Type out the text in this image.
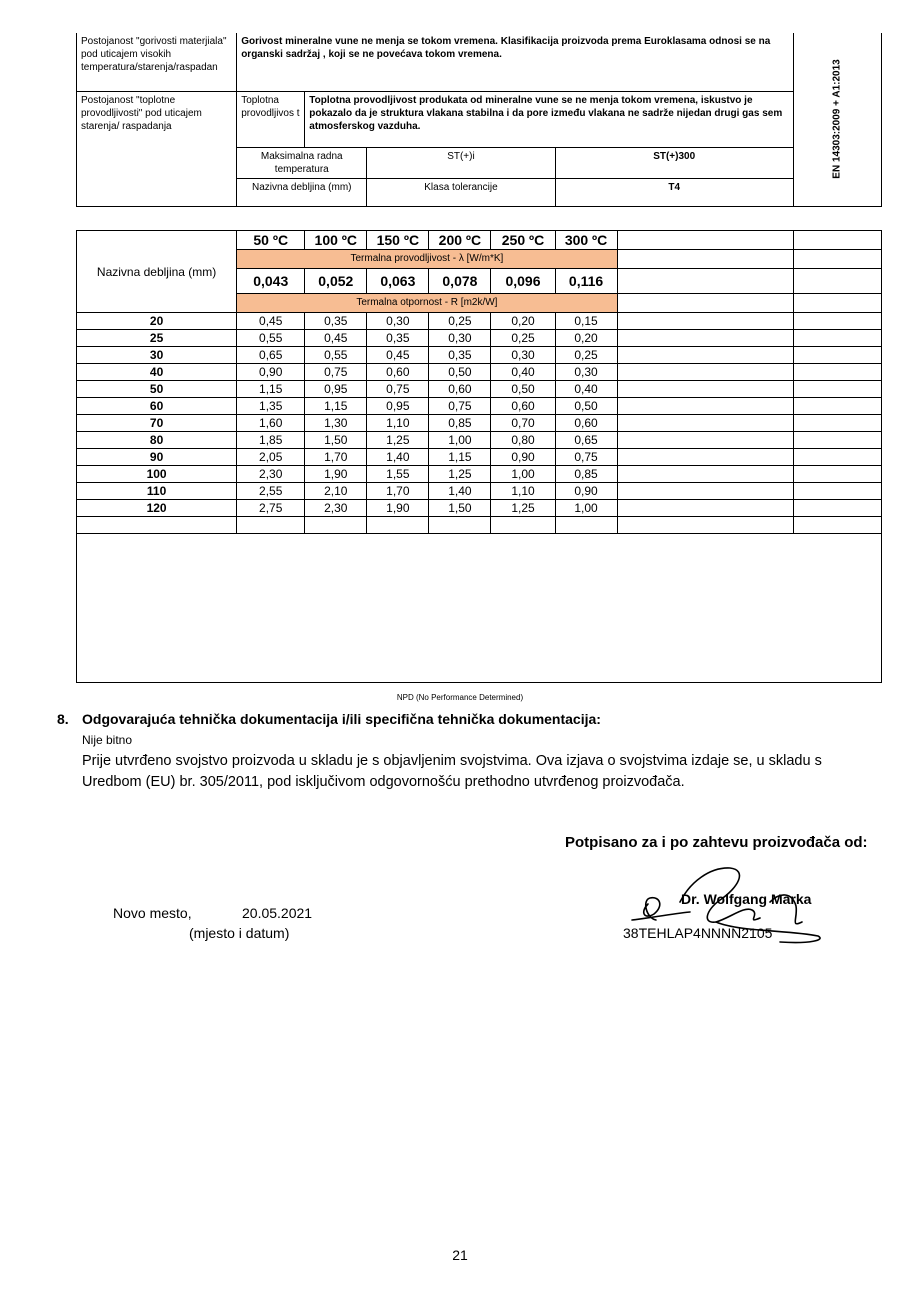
Postojanost "gorivosti materjiala" pod uticajem visokih temperatura/starenja/raspadan	Gorivost mineralne vune ne menja se tokom vremena. Klasifikacija proizvoda prema Euroklasama odnosi se na organski sadržaj , koji se ne povećava tokom vremena.				EN 14303:2009 + A1:2013

Postojanost "toplotne provodljivosti" pod uticajem starenja/ raspadanja	Toplotna provodljivos t	Toplotna provodljivost produkata od mineralne vune se ne menja tokom vremena, iskustvo je pokazalo da je struktura vlakana stabilna i da pore između vlakana ne sadrže nijedan drugi gas sem atmosferskog vazduha.			
	Maksimalna radna temperatura		ST(+)i	ST(+)300	
	Nazivna debljina (mm)		Klasa tolerancije	T4	
Nazivna debljina (mm)	50 ºC	100 ºC	150 ºC	200 ºC	250 ºC	300 ºC		
	Termalna provodljivost - λ [W/m*K]							
	0,043	0,052	0,063	0,078	0,096	0,116		
	Termalna otpornost - R [m2k/W]							
20	0,45	0,35	0,30	0,25	0,20	0,15		
25	0,55	0,45	0,35	0,30	0,25	0,20		
30	0,65	0,55	0,45	0,35	0,30	0,25		
40	0,90	0,75	0,60	0,50	0,40	0,30		
50	1,15	0,95	0,75	0,60	0,50	0,40		
60	1,35	1,15	0,95	0,75	0,60	0,50		
70	1,60	1,30	1,10	0,85	0,70	0,60		
80	1,85	1,50	1,25	1,00	0,80	0,65		
90	2,05	1,70	1,40	1,15	0,90	0,75		
100	2,30	1,90	1,55	1,25	1,00	0,85		
110	2,55	2,10	1,70	1,40	1,10	0,90		
120	2,75	2,30	1,90	1,50	1,25	1,00		

NPD (No Performance Determined)
8. Odgovarajuća tehnička dokumentacija i/ili specifična tehnička dokumentacija:
Nije bitno
Prije utvrđeno svojstvo proizvoda u skladu je s objavljenim svojstvima. Ova izjava o svojstvima izdaje se, u skladu s Uredbom (EU) br. 305/2011, pod isključivom odgovornošću prethodno utvrđenog proizvođača.
Potpisano za i po zahtevu proizvođača od:
Novo mesto,	20.05.2021
(mjesto i datum)
Dr. Wolfgang Marka
38TEHLAP4NNNN2105
21
